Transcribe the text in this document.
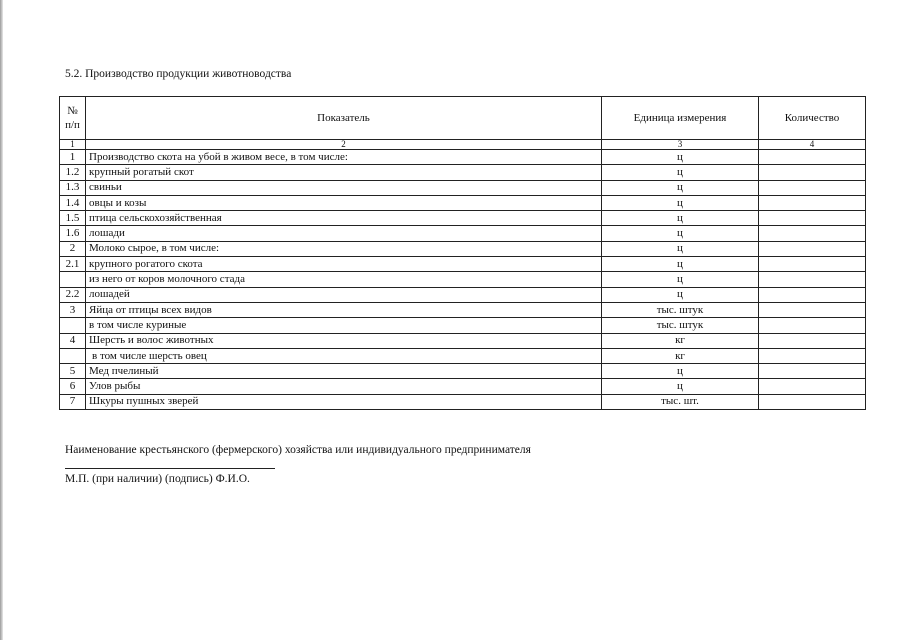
5.2. Производство продукции животноводства
№
п/п	Показатель	Единица измерения	Количество
1	2	3	4
1	Производство скота на убой в живом весе, в том числе:	ц	
1.2	крупный рогатый скот	ц	
1.3	свиньи	ц	
1.4	овцы и козы	ц	
1.5	птица сельскохозяйственная	ц	
1.6	лошади	ц	
2	Молоко сырое, в том числе:	ц	
2.1	крупного рогатого скота	ц	
	из него от коров молочного стада	ц	
2.2	лошадей	ц	
3	Яйца от птицы всех видов	тыс. штук	
	в том числе куриные	тыс. штук	
4	Шерсть и волос животных	кг	
	в том числе шерсть овец	кг	
5	Мед пчелиный	ц	
6	Улов рыбы	ц	
7	Шкуры пушных зверей	тыс. шт.	
Наименование крестьянского (фермерского) хозяйства или индивидуального предпринимателя
М.П. (при наличии) (подпись) Ф.И.О.
